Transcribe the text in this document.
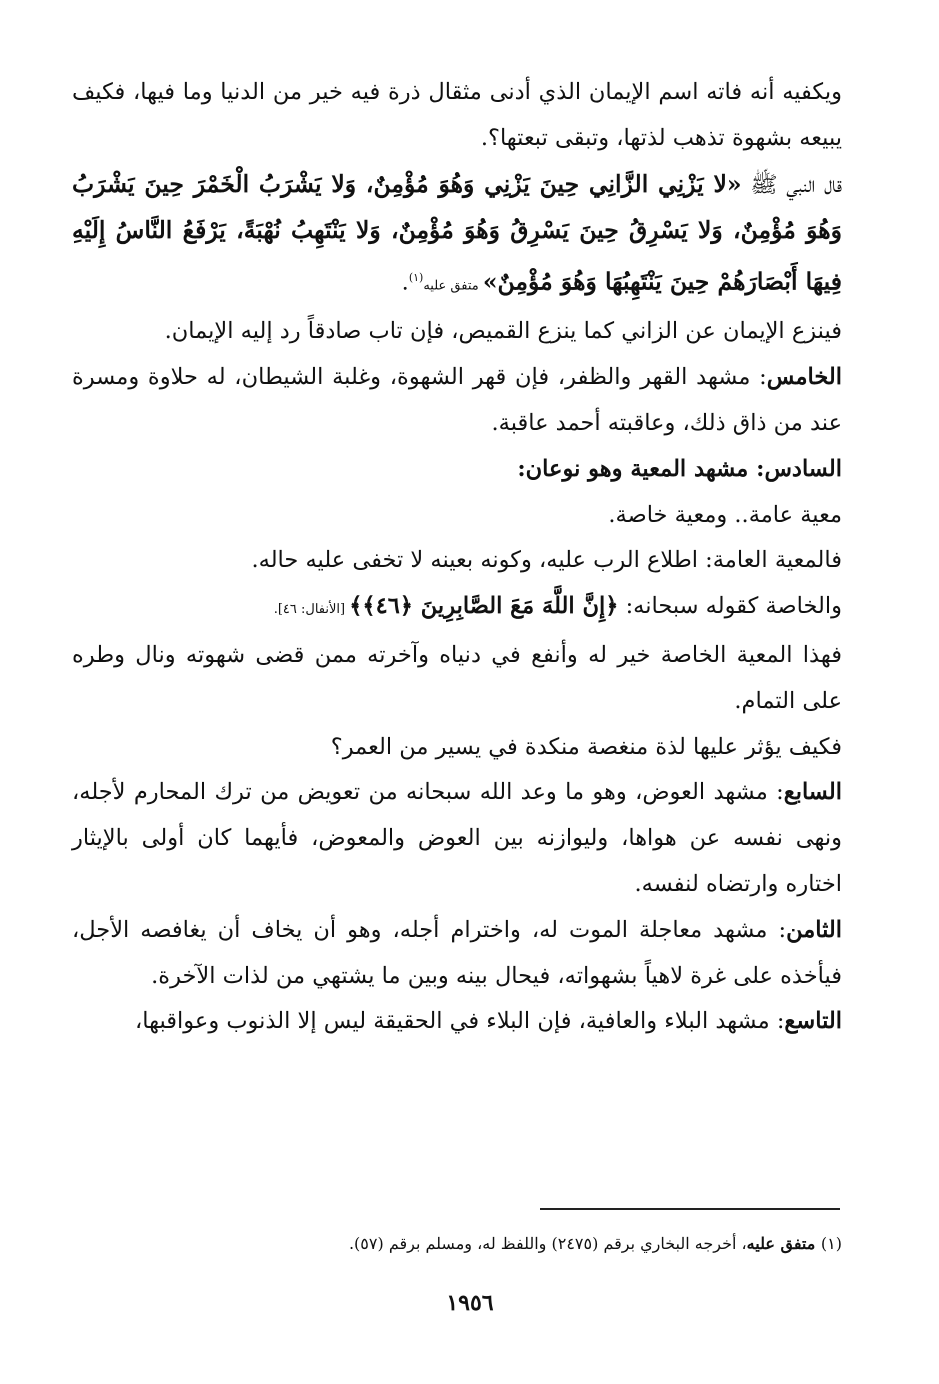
ويكفيه أنه فاته اسم الإيمان الذي أدنى مثقال ذرة فيه خير من الدنيا وما فيها، فكيف يبيعه بشهوة تذهب لذتها، وتبقى تبعتها؟.

قال النبي ﷺ «لا يَزْنِي الزَّانِي حِينَ يَزْنِي وَهُوَ مُؤْمِنٌ، وَلا يَشْرَبُ الْخَمْرَ حِينَ يَشْرَبُ وَهُوَ مُؤْمِنٌ، وَلا يَسْرِقُ حِينَ يَسْرِقُ وَهُوَ مُؤْمِنٌ، وَلا يَنْتَهِبُ نُهْبَةً، يَرْفَعُ النَّاسُ إِلَيْهِ فِيهَا أَبْصَارَهُمْ حِينَ يَنْتَهِبُهَا وَهُوَ مُؤْمِنٌ» متفق عليه$^{(١)}$.

فينزع الإيمان عن الزاني كما ينزع القميص، فإن تاب صادقاً رد إليه الإيمان.

الخامس: مشهد القهر والظفر، فإن قهر الشهوة، وغلبة الشيطان، له حلاوة ومسرة عند من ذاق ذلك، وعاقبته أحمد عاقبة.

السادس: مشهد المعية وهو نوعان:

معية عامة.. ومعية خاصة.

فالمعية العامة: اطلاع الرب عليه، وكونه بعينه لا تخفى عليه حاله.

والخاصة كقوله سبحانه: ﴿إِنَّ اللَّهَ مَعَ الصَّابِرِينَ ﴿٤٦﴾﴾ [الأنفال: ٤٦].

فهذا المعية الخاصة خير له وأنفع في دنياه وآخرته ممن قضى شهوته ونال وطره على التمام.

فكيف يؤثر عليها لذة منغصة منكدة في يسير من العمر؟

السابع: مشهد العوض، وهو ما وعد الله سبحانه من تعويض من ترك المحارم لأجله، ونهى نفسه عن هواها، وليوازنه بين العوض والمعوض، فأيهما كان أولى بالإيثار اختاره وارتضاه لنفسه.

الثامن: مشهد معاجلة الموت له، واخترام أجله، وهو أن يخاف أن يغافصه الأجل، فيأخذه على غرة لاهياً بشهواته، فيحال بينه وبين ما يشتهي من لذات الآخرة.

التاسع: مشهد البلاء والعافية، فإن البلاء في الحقيقة ليس إلا الذنوب وعواقبها،

(١) متفق عليه، أخرجه البخاري برقم (٢٤٧٥) واللفظ له، ومسلم برقم (٥٧).
١٩٥٦
